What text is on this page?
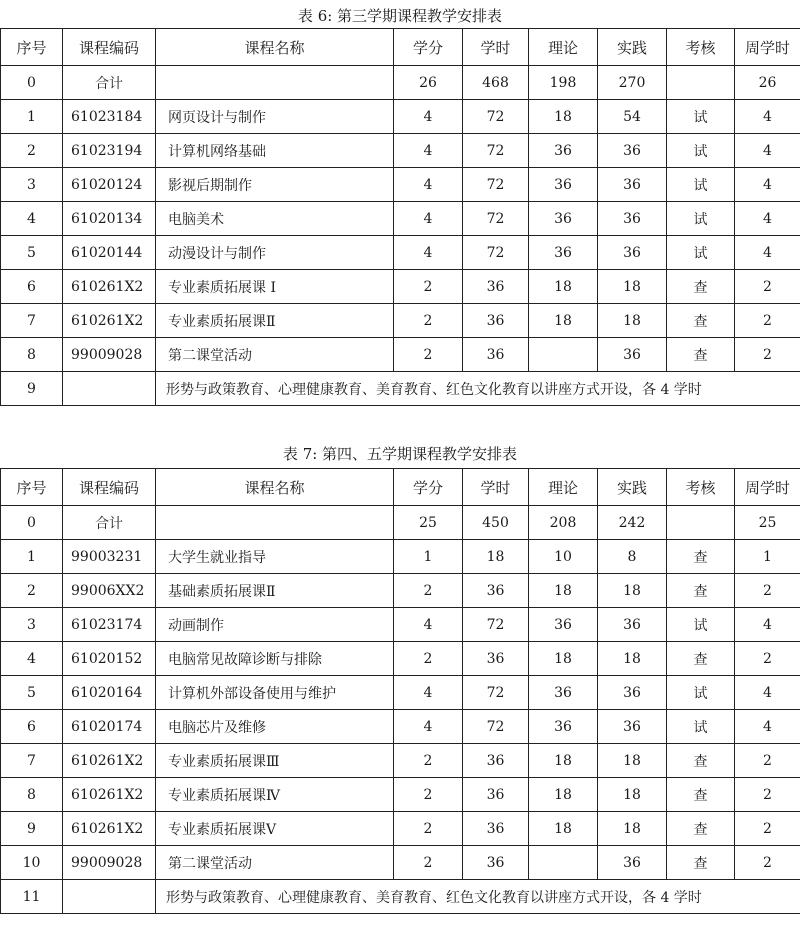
表 6: 第三学期课程教学安排表
序号	课程编码	课程名称	学分	学时	理论	实践	考核	周学时
0	合计		26	468	198	270		26
1	61023184	网页设计与制作	4	72	18	54	试	4
2	61023194	计算机网络基础	4	72	36	36	试	4
3	61020124	影视后期制作	4	72	36	36	试	4
4	61020134	电脑美术	4	72	36	36	试	4
5	61020144	动漫设计与制作	4	72	36	36	试	4
6	610261X2	专业素质拓展课 Ⅰ	2	36	18	18	查	2
7	610261X2	专业素质拓展课Ⅱ	2	36	18	18	查	2
8	99009028	第二课堂活动	2	36		36	查	2
9		形势与政策教育、心理健康教育、美育教育、红色文化教育以讲座方式开设，各 4 学时						
表 7: 第四、五学期课程教学安排表
序号	课程编码	课程名称	学分	学时	理论	实践	考核	周学时
0	合计		25	450	208	242		25
1	99003231	大学生就业指导	1	18	10	8	查	1
2	99006XX2	基础素质拓展课Ⅱ	2	36	18	18	查	2
3	61023174	动画制作	4	72	36	36	试	4
4	61020152	电脑常见故障诊断与排除	2	36	18	18	查	2
5	61020164	计算机外部设备使用与维护	4	72	36	36	试	4
6	61020174	电脑芯片及维修	4	72	36	36	试	4
7	610261X2	专业素质拓展课Ⅲ	2	36	18	18	查	2
8	610261X2	专业素质拓展课Ⅳ	2	36	18	18	查	2
9	610261X2	专业素质拓展课Ⅴ	2	36	18	18	查	2
10	99009028	第二课堂活动	2	36		36	查	2
11		形势与政策教育、心理健康教育、美育教育、红色文化教育以讲座方式开设，各 4 学时						
